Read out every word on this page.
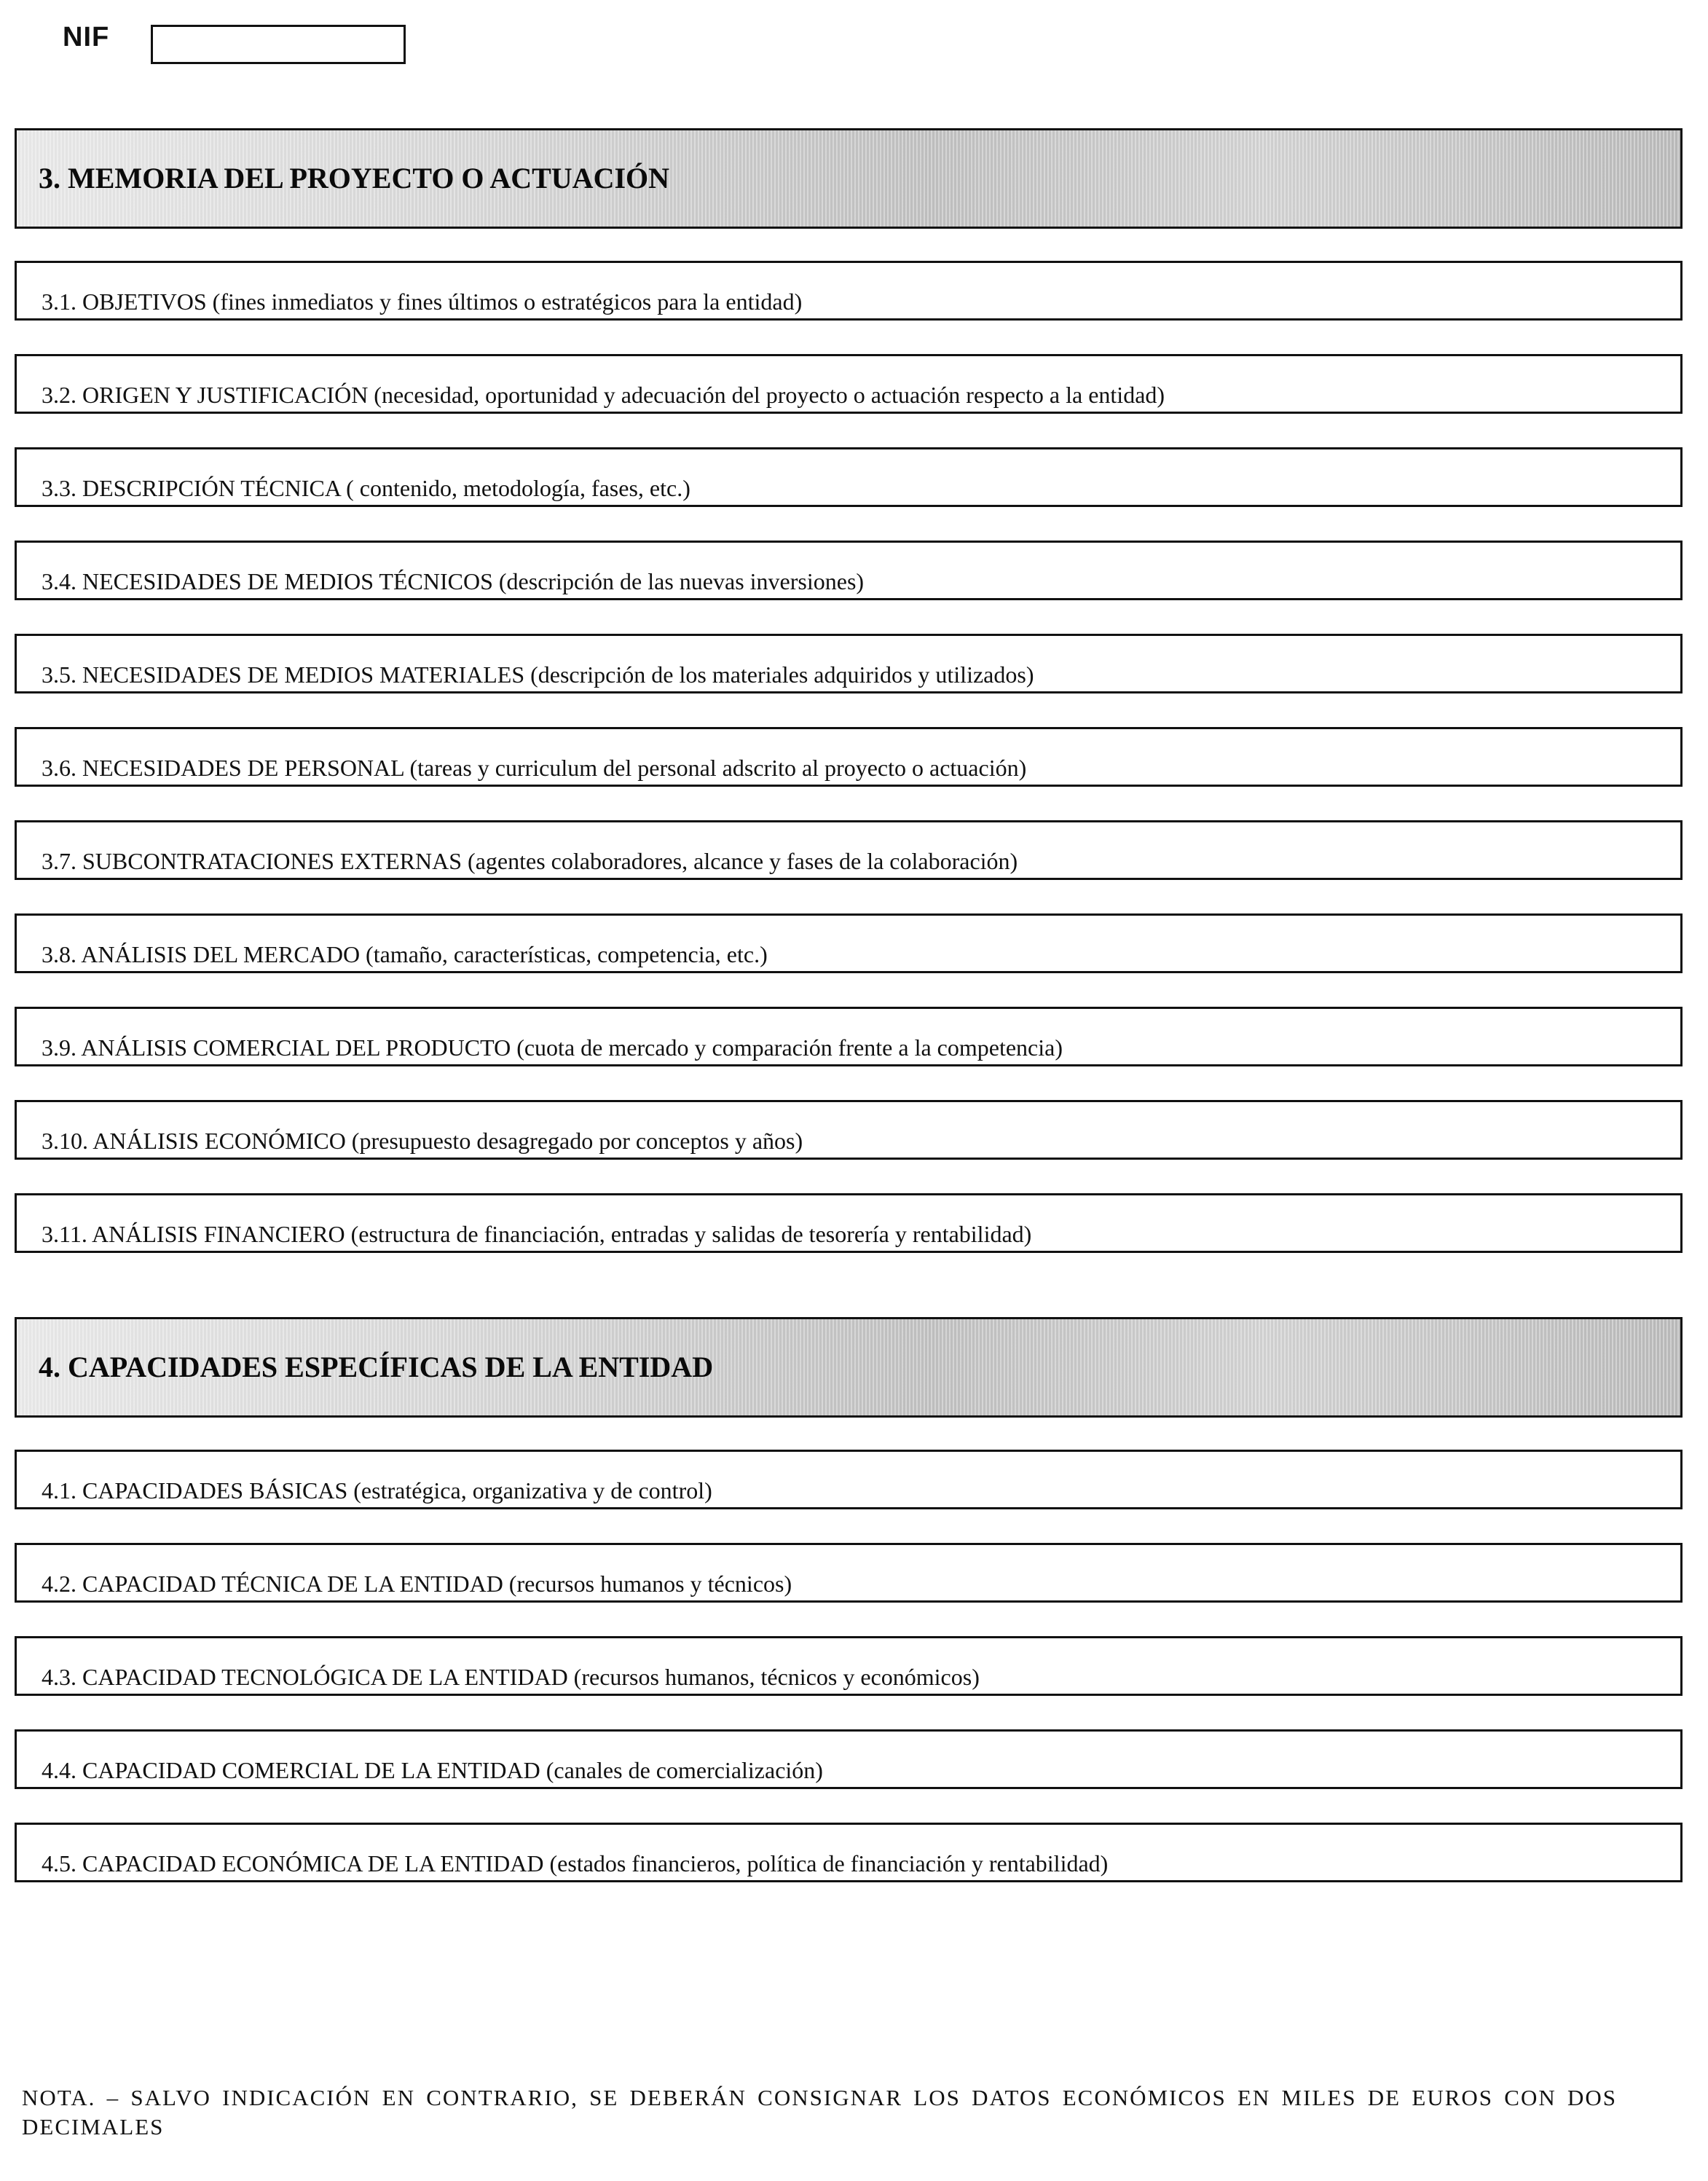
NIF
3. MEMORIA DEL PROYECTO O ACTUACIÓN
3.1. OBJETIVOS (fines inmediatos y fines últimos o estratégicos para la entidad)
3.2. ORIGEN Y JUSTIFICACIÓN (necesidad, oportunidad y adecuación del proyecto o actuación respecto a la entidad)
3.3. DESCRIPCIÓN TÉCNICA ( contenido, metodología, fases, etc.)
3.4. NECESIDADES DE MEDIOS TÉCNICOS (descripción de las nuevas inversiones)
3.5. NECESIDADES DE MEDIOS MATERIALES (descripción de los materiales adquiridos y utilizados)
3.6. NECESIDADES DE PERSONAL (tareas y curriculum del personal adscrito al proyecto o actuación)
3.7. SUBCONTRATACIONES EXTERNAS (agentes colaboradores, alcance y fases de la colaboración)
3.8. ANÁLISIS DEL MERCADO (tamaño, características, competencia, etc.)
3.9. ANÁLISIS COMERCIAL DEL PRODUCTO (cuota de mercado y comparación frente a la competencia)
3.10. ANÁLISIS ECONÓMICO (presupuesto desagregado por conceptos y años)
3.11. ANÁLISIS FINANCIERO (estructura de financiación, entradas y salidas de tesorería y rentabilidad)
4. CAPACIDADES ESPECÍFICAS DE LA ENTIDAD
4.1. CAPACIDADES BÁSICAS (estratégica, organizativa y de control)
4.2. CAPACIDAD TÉCNICA DE LA ENTIDAD (recursos humanos y técnicos)
4.3. CAPACIDAD TECNOLÓGICA DE LA ENTIDAD (recursos humanos, técnicos y económicos)
4.4. CAPACIDAD COMERCIAL DE LA ENTIDAD (canales de comercialización)
4.5. CAPACIDAD ECONÓMICA DE LA ENTIDAD (estados financieros, política de financiación y rentabilidad)
NOTA. – SALVO INDICACIÓN EN CONTRARIO, SE DEBERÁN CONSIGNAR LOS DATOS ECONÓMICOS EN MILES DE EUROS CON DOS DECIMALES
